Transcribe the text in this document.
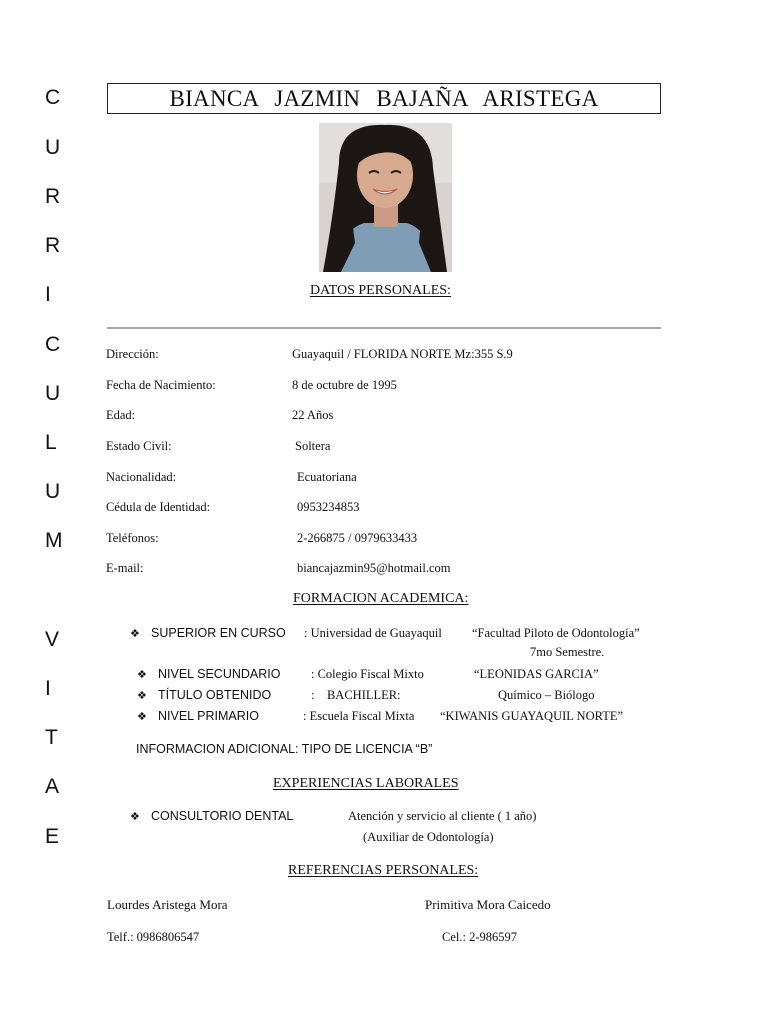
C
U
R
R
I
C
U
L
U
M
V
I
T
A
E
BIANCA JAZMIN BAJAÑA ARISTEGA
DATOS PERSONALES:
Dirección:	Guayaquil / FLORIDA NORTE Mz:355 S.9
Fecha de Nacimiento:	8 de octubre de 1995
Edad:	22 Años
Estado Civil:	Soltera
Nacionalidad:	Ecuatoriana
Cédula de Identidad:	0953234853
Teléfonos:	2-266875 / 0979633433
E-mail:	biancajazmin95@hotmail.com
FORMACION ACADEMICA:
❖ SUPERIOR EN CURSO : Universidad de Guayaquil “Facultad Piloto de Odontología”
7mo Semestre.
❖ NIVEL SECUNDARIO : Colegio Fiscal Mixto	“LEONIDAS GARCIA”
❖ TÍTULO OBTENIDO	:    BACHILLER:	Químico – Biólogo
❖ NIVEL PRIMARIO	: Escuela Fiscal Mixta “KIWANIS GUAYAQUIL NORTE”
INFORMACION ADICIONAL: TIPO DE LICENCIA “B”
EXPERIENCIAS LABORALES
❖ CONSULTORIO DENTAL	Atención y servicio al cliente ( 1 año)
(Auxiliar de Odontología)
REFERENCIAS PERSONALES:
Lourdes Aristega Mora	Primitiva Mora Caicedo
Telf.: 0986806547	Cel.: 2-986597
